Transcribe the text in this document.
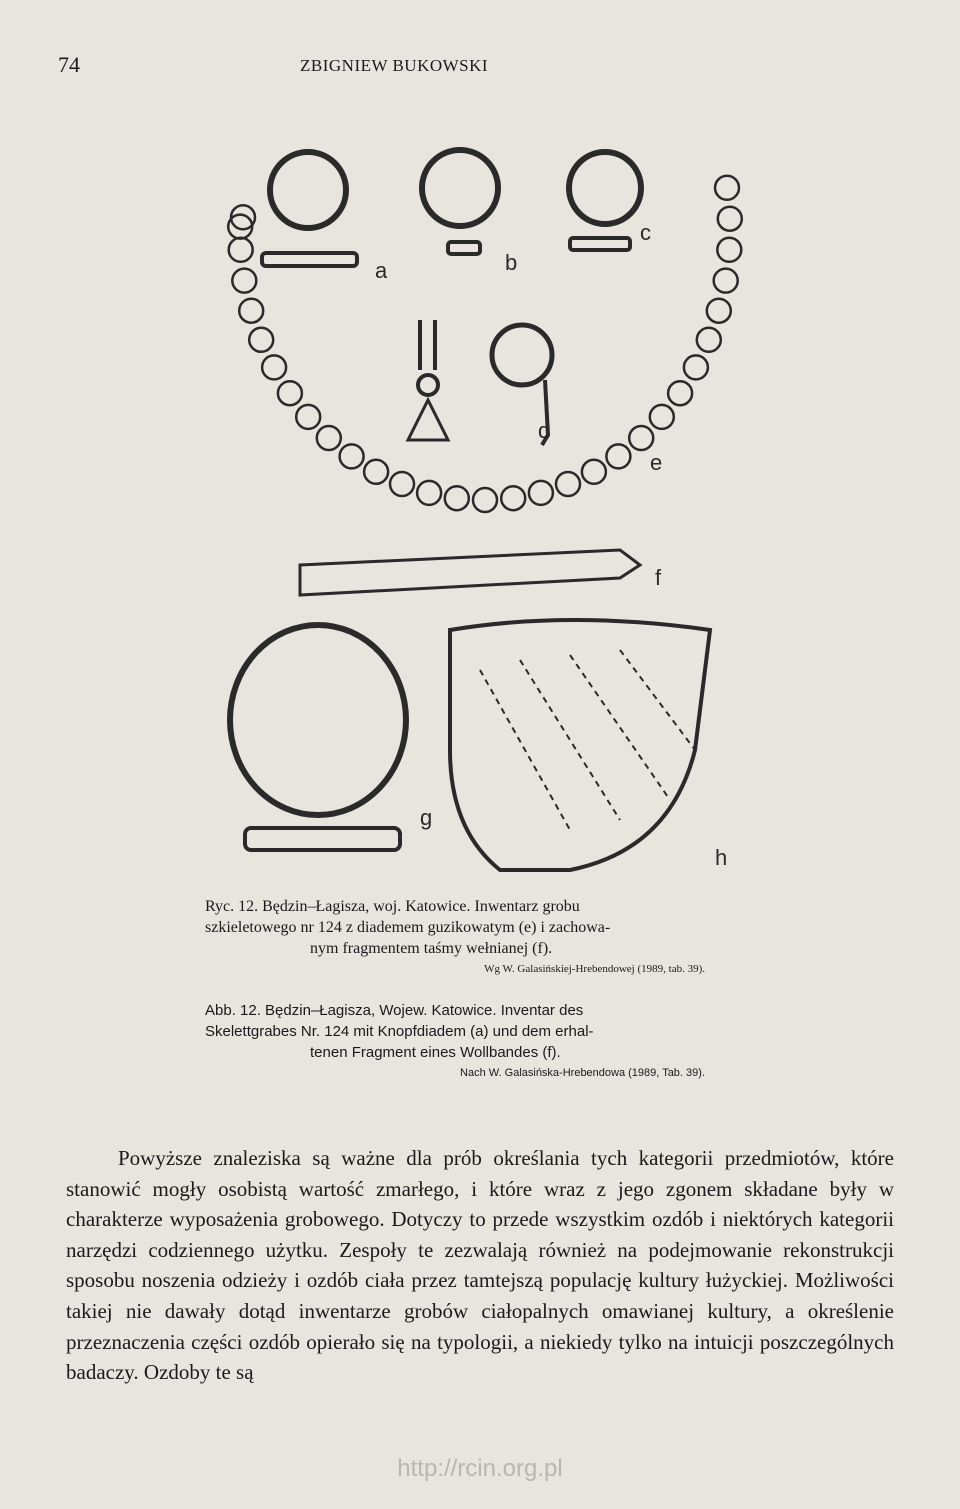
74	ZBIGNIEW BUKOWSKI
a	b
c
d
e
f
g
h
Ryc. 12. Będzin–Łagisza, woj. Katowice. Inwentarz grobu
szkieletowego nr 124 z diademem guzikowatym (e) i zachowa-
nym fragmentem taśmy wełnianej (f).
Wg W. Galasińskiej-Hrebendowej (1989, tab. 39).
Abb. 12. Będzin–Łagisza, Wojew. Katowice. Inventar des
Skelettgrabes Nr. 124 mit Knopfdiadem (a) und dem erhal-
tenen Fragment eines Wollbandes (f).
Nach W. Galasińska-Hrebendowa (1989, Tab. 39).

Powyższe znaleziska są ważne dla prób określania tych kategorii przedmiotów, które stanowić mogły osobistą wartość zmarłego, i które wraz z jego zgonem składane były w charakterze wyposażenia grobowego. Dotyczy to przede wszystkim ozdób i niektórych kategorii narzędzi codziennego użytku. Zespoły te zezwalają również na podejmowanie rekonstrukcji sposobu noszenia odzieży i ozdób ciała przez tamtejszą populację kultury łużyckiej. Możliwości takiej nie dawały dotąd inwentarze grobów ciałopalnych omawianej kultury, a określenie przeznaczenia części ozdób opierało się na typologii, a niekiedy tylko na intuicji poszczególnych badaczy. Ozdoby te są

http://rcin.org.pl
